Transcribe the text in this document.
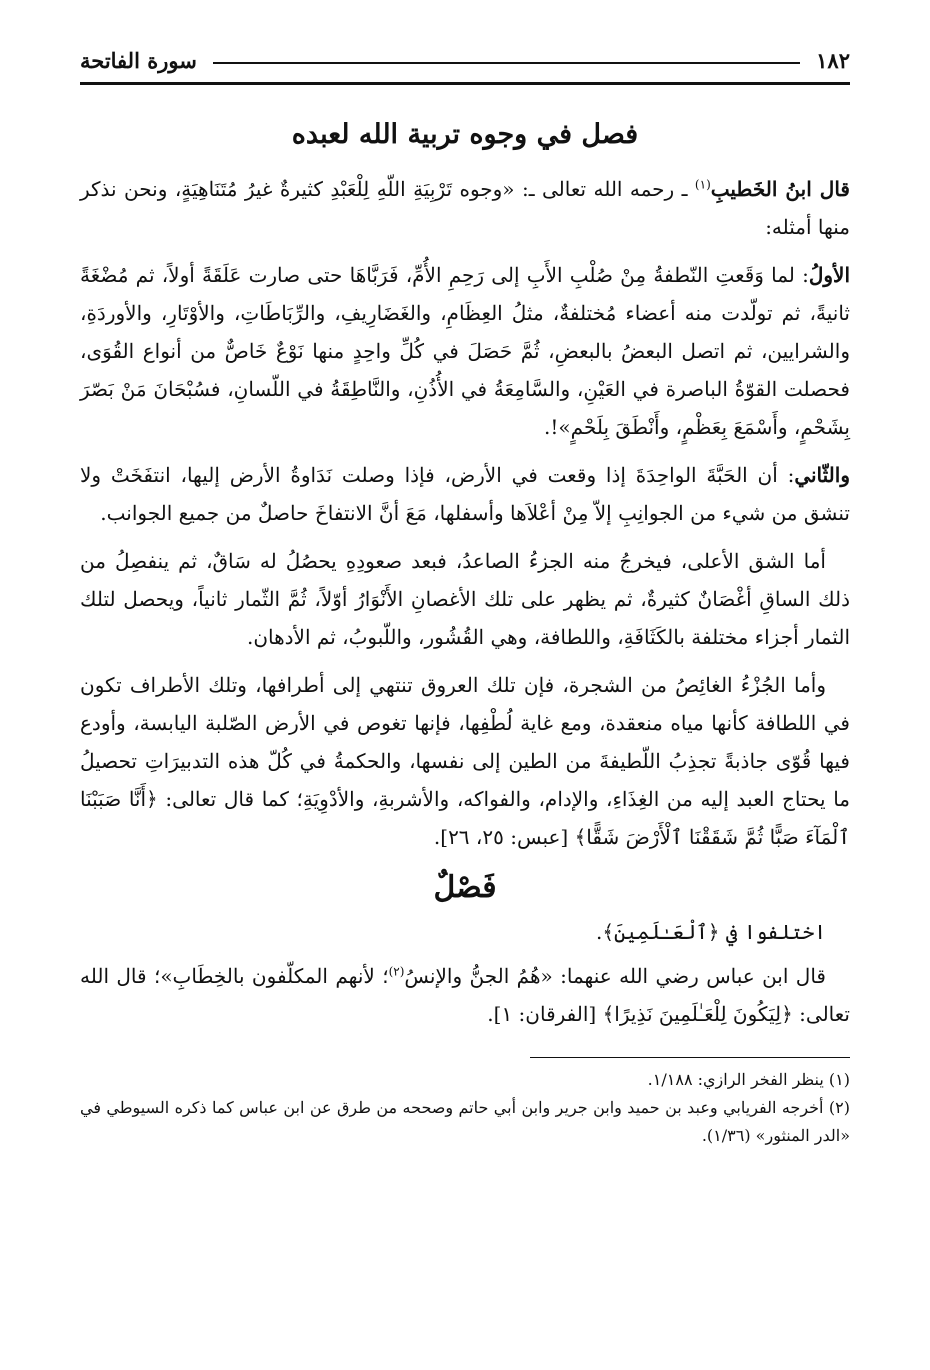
١٨٢
سورة الفاتحة
فصل في وجوه تربية الله لعبده

قال ابنُ الخَطيبِ$^{(١)}$ ـ رحمه الله تعالى ـ: «وجوه تَرْبِيَةِ اللّهِ لِلْعَبْدِ كثيرةٌ غيرُ مُتَنَاهِيَةٍ، ونحن نذكر منها أمثله:

الأولُ: لما وَقَعتِ النّطفةُ مِنْ صُلْبِ الأَبِ إلى رَحِمِ الأُمِّ، فَرَبَّاهَا حتى صارت عَلَقَةً أولاً، ثم مُضْغَةً ثانيةً، ثم تولّدت منه أعضاء مُختلفةٌ، مثلُ العِظَامِ، والغَضَارِيفِ، والرِّبَاطَاتِ، والأوْتَارِ، والأوردَةِ، والشرايين، ثم اتصل البعضُ بالبعضِ، ثُمَّ حَصَلَ في كُلِّ واحِدٍ منها نَوْعٌ خَاصٌّ من أنواع القُوَى، فحصلت القوّةُ الباصرة في العَيْنِ، والسَّامِعَةُ في الأُذُنِ، والنَّاطِقَةُ في اللّسانِ، فسُبْحَانَ مَنْ بَصّرَ بِشَحْمٍ، وأَسْمَعَ بِعَظْمٍ، وأَنْطَقَ بِلَحْمٍ»!.

والثّاني: أن الحَبَّةَ الواحِدَةَ إذا وقعت في الأرض، فإذا وصلت نَدَاوةُ الأرض إليها، انتفَخَتْ ولا تنشق من شيء من الجوانِبِ إلاّ مِنْ أعْلاَها وأسفلها، مَعَ أنَّ الانتفاخَ حاصلٌ من جميع الجوانب.

أما الشق الأعلى، فيخرجُ منه الجزءُ الصاعدُ، فبعد صعودِهِ يحصُلُ له سَاقٌ، ثم ينفصِلُ من ذلك الساقِ أغْصَانٌ كثيرةٌ، ثم يظهر على تلك الأغصانِ الأَنْوَارُ أوّلاً، ثُمَّ الثّمار ثانياً، ويحصل لتلك الثمار أجزاء مختلفة بالكَثَافَةِ، واللطافة، وهي القُشُور، واللّبوبُ، ثم الأدهان.

وأما الجُزْءُ الغائِصُ من الشجرة، فإن تلك العروق تنتهي إلى أطرافها، وتلك الأطراف تكون في اللطافة كأنها مياه منعقدة، ومع غاية لُطْفِها، فإنها تغوص في الأرض الصّلبة اليابسة، وأودع فيها قُوّى جاذبةً تجذِبُ اللّطيفةَ من الطين إلى نفسها، والحكمةُ في كُلّ هذه التدبيرَاتِ تحصيلُ ما يحتاج العبد إليه من الغِذَاءِ، والإدام، والفواكه، والأشربةِ، والأدْوِيَةِ؛ كما قال تعالى: ﴿أَنَّا صَبَبْنَا ٱلْمَآءَ صَبًّا ثُمَّ شَقَقْنَا ٱلْأَرْضَ شَقًّا﴾ [عبس: ٢٥، ٢٦].

فَصْلٌ

اختلفوا في ﴿ٱلْعَـٰلَمِينَ﴾.

قال ابن عباس رضي الله عنهما: «هُمُ الجنُّ والإنسُ$^{(٢)}$؛ لأنهم المكلّفون بالخِطَابِ»؛ قال الله تعالى: ﴿لِيَكُونَ لِلْعَـٰلَمِينَ نَذِيرًا﴾ [الفرقان: ١].

(١) ينظر الفخر الرازي: ١/١٨٨.

(٢) أخرجه الفريابي وعبد بن حميد وابن جرير وابن أبي حاتم وصححه من طرق عن ابن عباس كما ذكره السيوطي في «الدر المنثور» (١/٣٦).
